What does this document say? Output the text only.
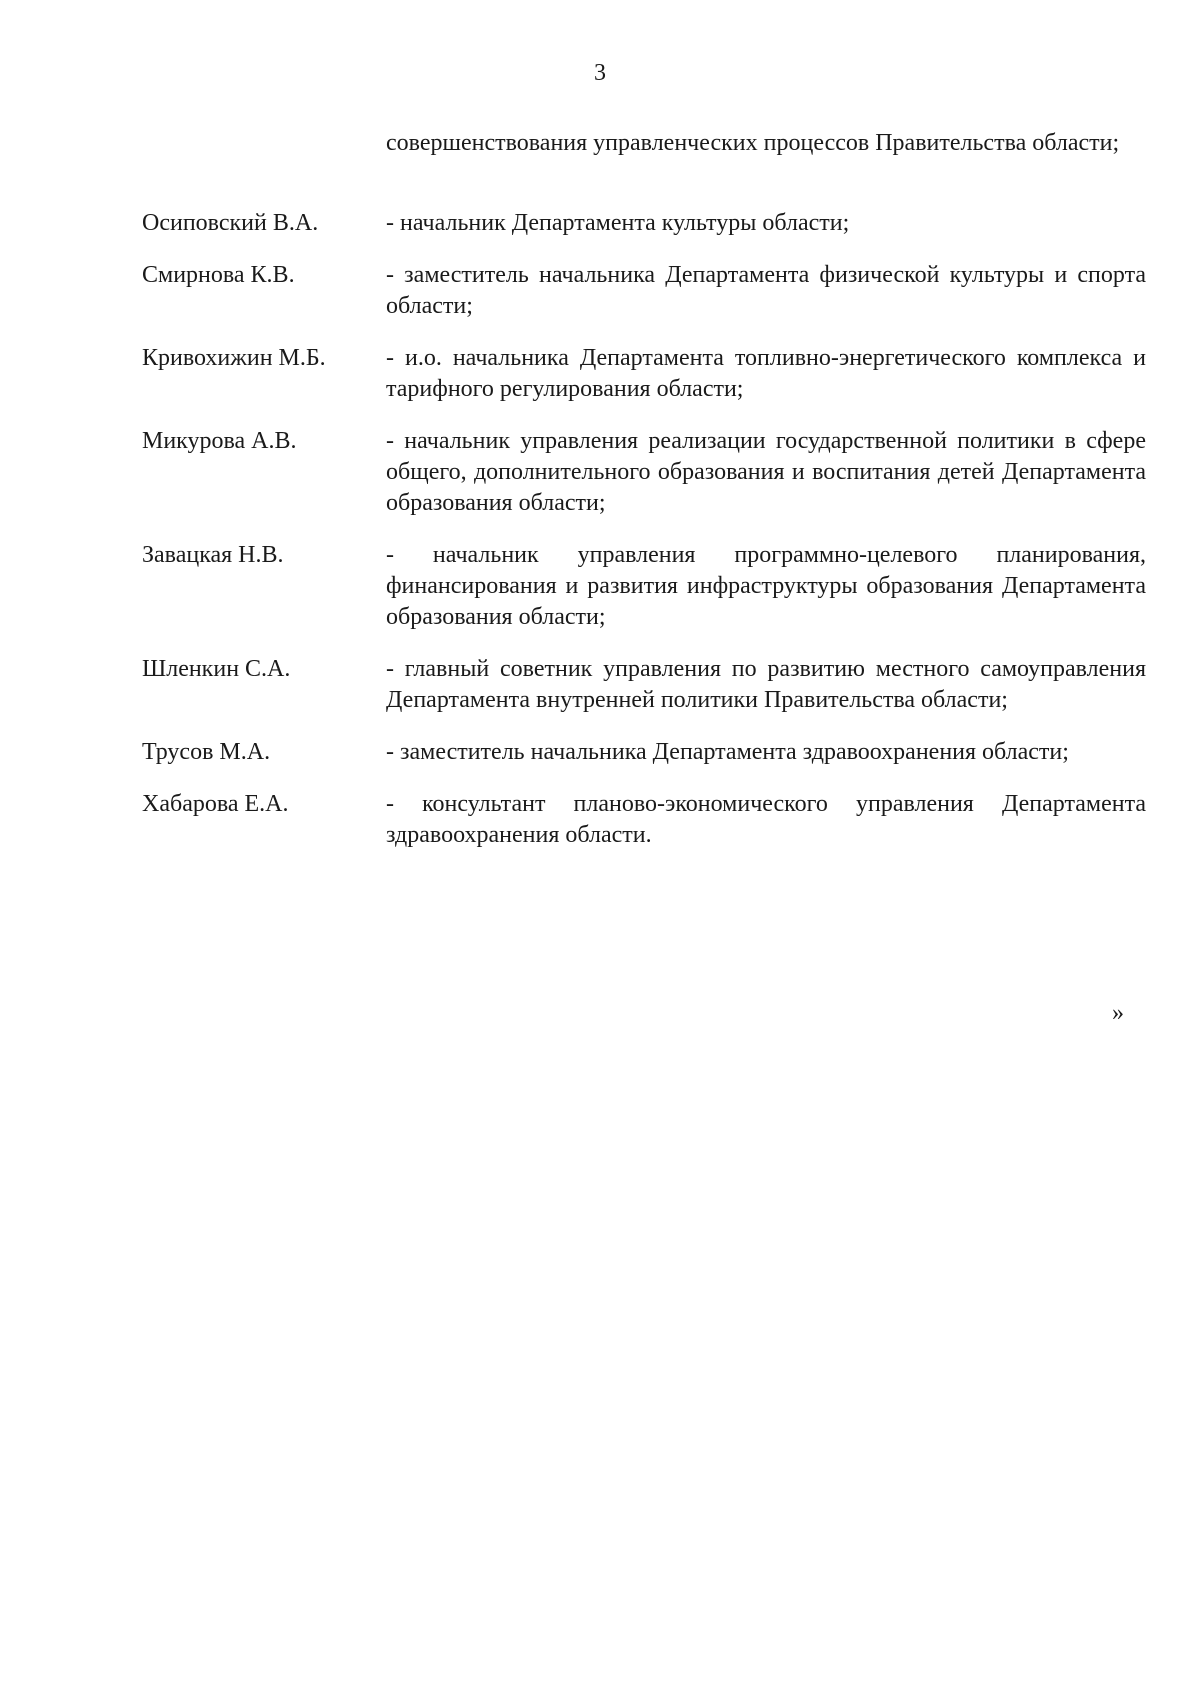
3
совершенствования управленческих процессов Правительства области;
Осиповский В.А.	- начальник Департамента культуры области;
Смирнова К.В.	- заместитель начальника Департамента физической культуры и спорта области;
Кривохижин М.Б.	- и.о. начальника Департамента топливно-энергетического комплекса и тарифного регулирования области;
Микурова А.В.	- начальник управления реализации государственной политики в сфере общего, дополнительного образования и воспитания детей Департамента образования области;
Завацкая Н.В.	- начальник управления программно-целевого планирования, финансирования и развития инфраструктуры образования Департамента образования области;
Шленкин С.А.	- главный советник управления по развитию местного самоуправления Департамента внутренней политики Правительства области;
Трусов М.А.	- заместитель начальника Департамента здравоохранения области;
Хабарова Е.А.	- консультант планово-экономического управления Департамента здравоохранения области.
»
